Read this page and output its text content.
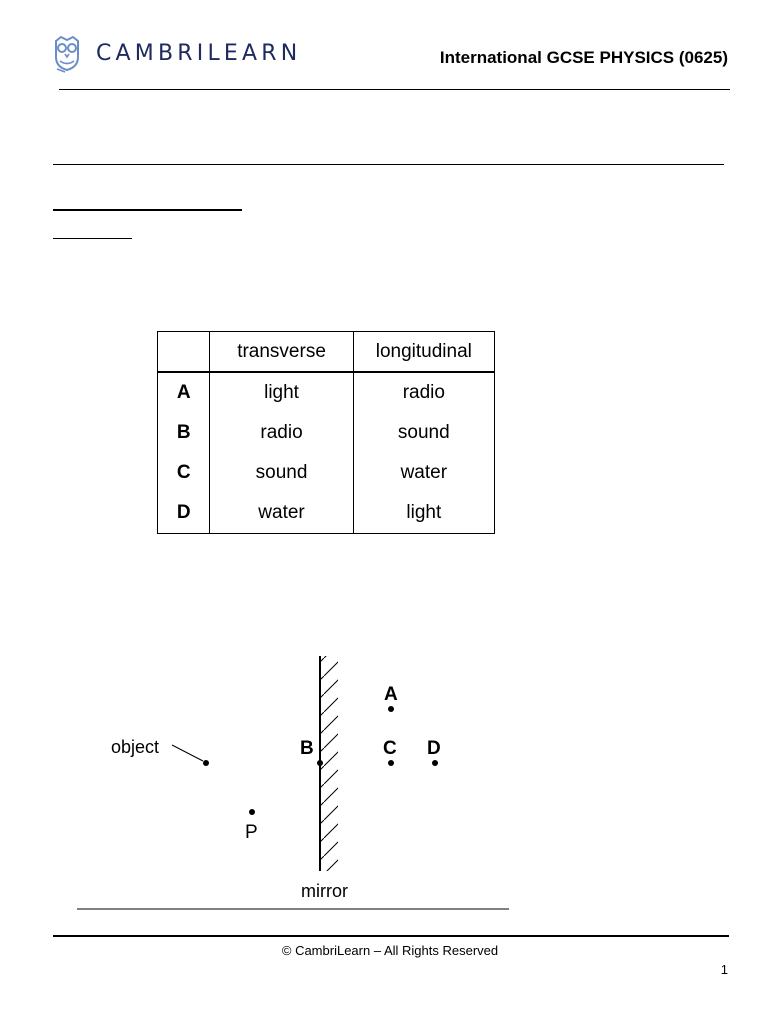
CAMBRILEARN	International GCSE PHYSICS (0625)
	transverse	longitudinal
A	light	radio
B	radio	sound
C	sound	water
D	water	light
object
A
B	C D
P
mirror
© CambriLearn – All Rights Reserved
1
